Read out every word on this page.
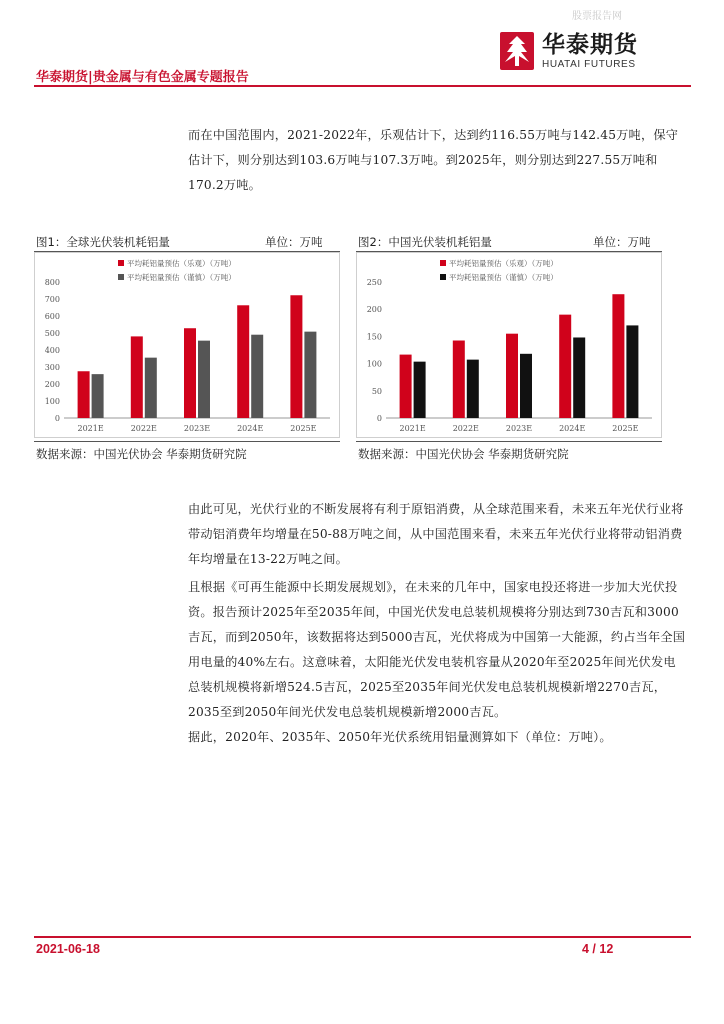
股票报告网
华泰期货
HUATAI FUTURES
华泰期货|贵金属与有色金属专题报告

而在中国范围内，2021-2022年，乐观估计下，达到约116.55万吨与142.45万吨，保守估计下，则分别达到103.6万吨与107.3万吨。到2025年，则分别达到227.55万吨和170.2万吨。

图1：全球光伏装机耗铝量	单位：万吨
0
100
200
300
400
500
600
700
800
2021E	2022E	2023E	2024E	2025E
平均耗铝量预估（乐观）（万吨）
平均耗铝量预估（谨慎）（万吨）
数据来源：中国光伏协会 华泰期货研究院
图2：中国光伏装机耗铝量	单位：万吨
0
50
100
150
200
250
2021E	2022E	2023E	2024E	2025E
平均耗铝量预估（乐观）（万吨）
平均耗铝量预估（谨慎）（万吨）
数据来源：中国光伏协会 华泰期货研究院

由此可见，光伏行业的不断发展将有利于原铝消费，从全球范围来看，未来五年光伏行业将带动铝消费年均增量在50-88万吨之间，从中国范围来看，未来五年光伏行业将带动铝消费年均增量在13-22万吨之间。

且根据《可再生能源中长期发展规划》，在未来的几年中，国家电投还将进一步加大光伏投资。报告预计2025年至2035年间，中国光伏发电总装机规模将分别达到730吉瓦和3000吉瓦，而到2050年，该数据将达到5000吉瓦，光伏将成为中国第一大能源，约占当年全国用电量的40%左右。这意味着，太阳能光伏发电装机容量从2020年至2025年间光伏发电总装机规模将新增524.5吉瓦，2025至2035年间光伏发电总装机规模新增2270吉瓦，2035至到2050年间光伏发电总装机规模新增2000吉瓦。

据此，2020年、2035年、2050年光伏系统用铝量测算如下（单位：万吨）。

2021-06-18	4 / 12
